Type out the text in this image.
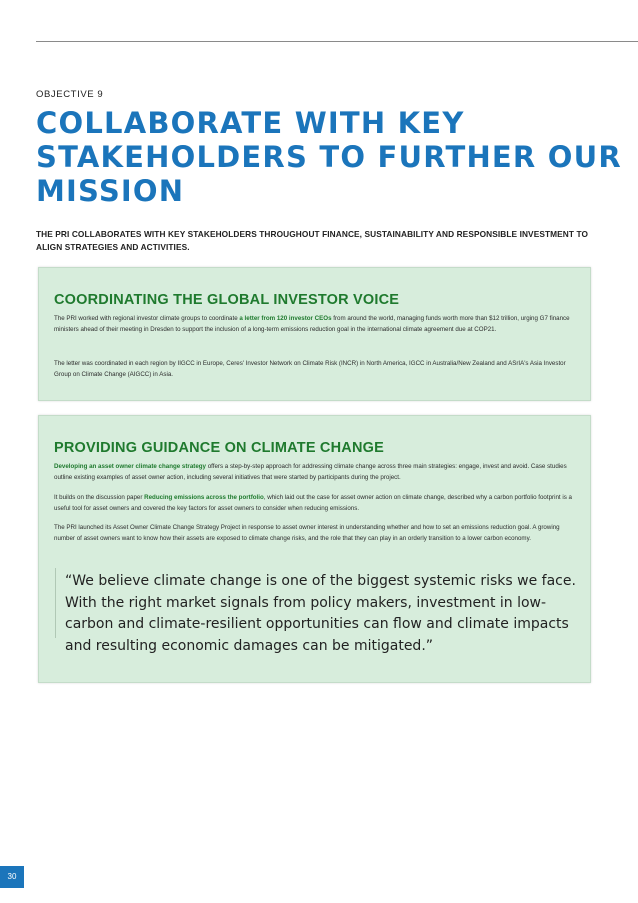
OBJECTIVE 9
COLLABORATE WITH KEY
STAKEHOLDERS TO FURTHER OUR
MISSION
THE PRI COLLABORATES WITH KEY STAKEHOLDERS THROUGHOUT FINANCE, SUSTAINABILITY AND RESPONSIBLE INVESTMENT TO ALIGN STRATEGIES AND ACTIVITIES.
COORDINATING THE GLOBAL INVESTOR VOICE
The PRI worked with regional investor climate groups to coordinate a letter from 120 investor CEOs from around the world, managing funds worth more than $12 trillion, urging G7 finance ministers ahead of their meeting in Dresden to support the inclusion of a long-term emissions reduction goal in the international climate agreement due at COP21.
The letter was coordinated in each region by IIGCC in Europe, Ceres' Investor Network on Climate Risk (INCR) in North America, IGCC in Australia/New Zealand and ASrIA's Asia Investor Group on Climate Change (AIGCC) in Asia.
PROVIDING GUIDANCE ON CLIMATE CHANGE
Developing an asset owner climate change strategy offers a step-by-step approach for addressing climate change across three main strategies: engage, invest and avoid. Case studies outline existing examples of asset owner action, including several initiatives that were started by participants during the project.
It builds on the discussion paper Reducing emissions across the portfolio, which laid out the case for asset owner action on climate change, described why a carbon portfolio footprint is a useful tool for asset owners and covered the key factors for asset owners to consider when reducing emissions.
The PRI launched its Asset Owner Climate Change Strategy Project in response to asset owner interest in understanding whether and how to set an emissions reduction goal. A growing number of asset owners want to know how their assets are exposed to climate change risks, and the role that they can play in an orderly transition to a lower carbon economy.
“We believe climate change is one of the biggest systemic risks we face.
With the right market signals from policy makers, investment in low-
carbon and climate-resilient opportunities can flow and climate impacts
and resulting economic damages can be mitigated.”
30
